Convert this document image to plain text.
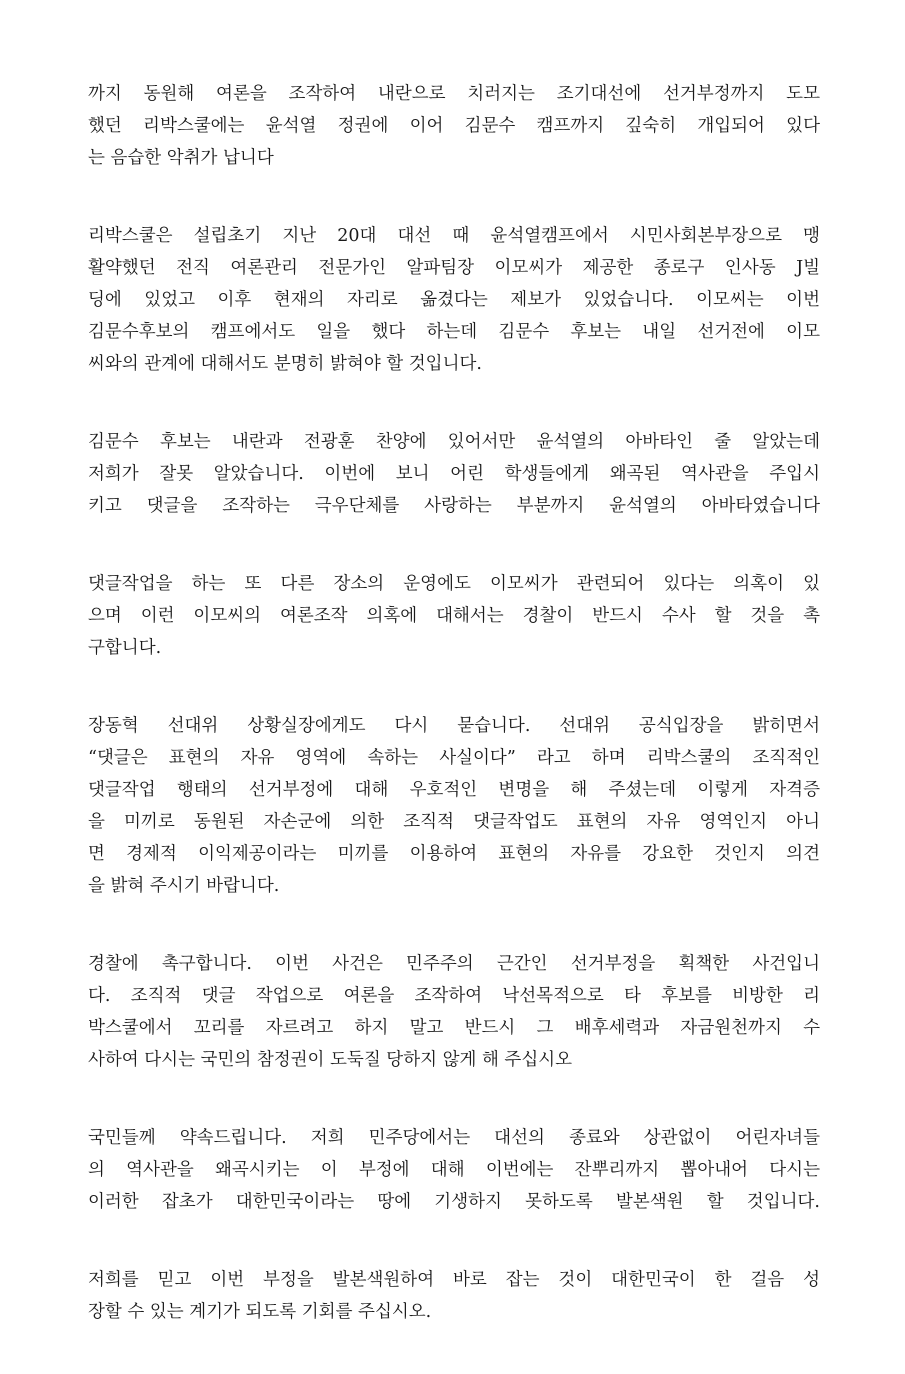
까지 동원해 여론을 조작하여 내란으로 치러지는 조기대선에 선거부정까지 도모
했던 리박스쿨에는 윤석열 정권에 이어 김문수 캠프까지 깊숙히 개입되어 있다
는 음습한 악취가 납니다

리박스쿨은 설립초기 지난 20대 대선 때 윤석열캠프에서 시민사회본부장으로 맹
활약했던 전직 여론관리 전문가인 알파팀장 이모씨가 제공한 종로구 인사동 J빌
딩에 있었고 이후 현재의 자리로 옮겼다는 제보가 있었습니다. 이모씨는 이번
김문수후보의 캠프에서도 일을 했다 하는데 김문수 후보는 내일 선거전에 이모
씨와의 관계에 대해서도 분명히 밝혀야 할 것입니다.

김문수 후보는 내란과 전광훈 찬양에 있어서만 윤석열의 아바타인 줄 알았는데
저희가 잘못 알았습니다. 이번에 보니 어린 학생들에게 왜곡된 역사관을 주입시
키고 댓글을 조작하는 극우단체를 사랑하는 부분까지 윤석열의 아바타였습니다

댓글작업을 하는 또 다른 장소의 운영에도 이모씨가 관련되어 있다는 의혹이 있
으며 이런 이모씨의 여론조작 의혹에 대해서는 경찰이 반드시 수사 할 것을 촉
구합니다.

장동혁 선대위 상황실장에게도 다시 묻습니다. 선대위 공식입장을 밝히면서
“댓글은 표현의 자유 영역에 속하는 사실이다” 라고 하며 리박스쿨의 조직적인
댓글작업 행태의 선거부정에 대해 우호적인 변명을 해 주셨는데 이렇게 자격증
을 미끼로 동원된 자손군에 의한 조직적 댓글작업도 표현의 자유 영역인지 아니
면 경제적 이익제공이라는 미끼를 이용하여 표현의 자유를 강요한 것인지 의견
을 밝혀 주시기 바랍니다.

경찰에 촉구합니다. 이번 사건은 민주주의 근간인 선거부정을 획책한 사건입니
다. 조직적 댓글 작업으로 여론을 조작하여 낙선목적으로 타 후보를 비방한 리
박스쿨에서 꼬리를 자르려고 하지 말고 반드시 그 배후세력과 자금원천까지 수
사하여 다시는 국민의 참정권이 도둑질 당하지 않게 해 주십시오

국민들께 약속드립니다. 저희 민주당에서는 대선의 종료와 상관없이 어린자녀들
의 역사관을 왜곡시키는 이 부정에 대해 이번에는 잔뿌리까지 뽑아내어 다시는
이러한 잡초가 대한민국이라는 땅에 기생하지 못하도록 발본색원 할 것입니다.

저희를 믿고 이번 부정을 발본색원하여 바로 잡는 것이 대한민국이 한 걸음 성
장할 수 있는 계기가 되도록 기회를 주십시오.
